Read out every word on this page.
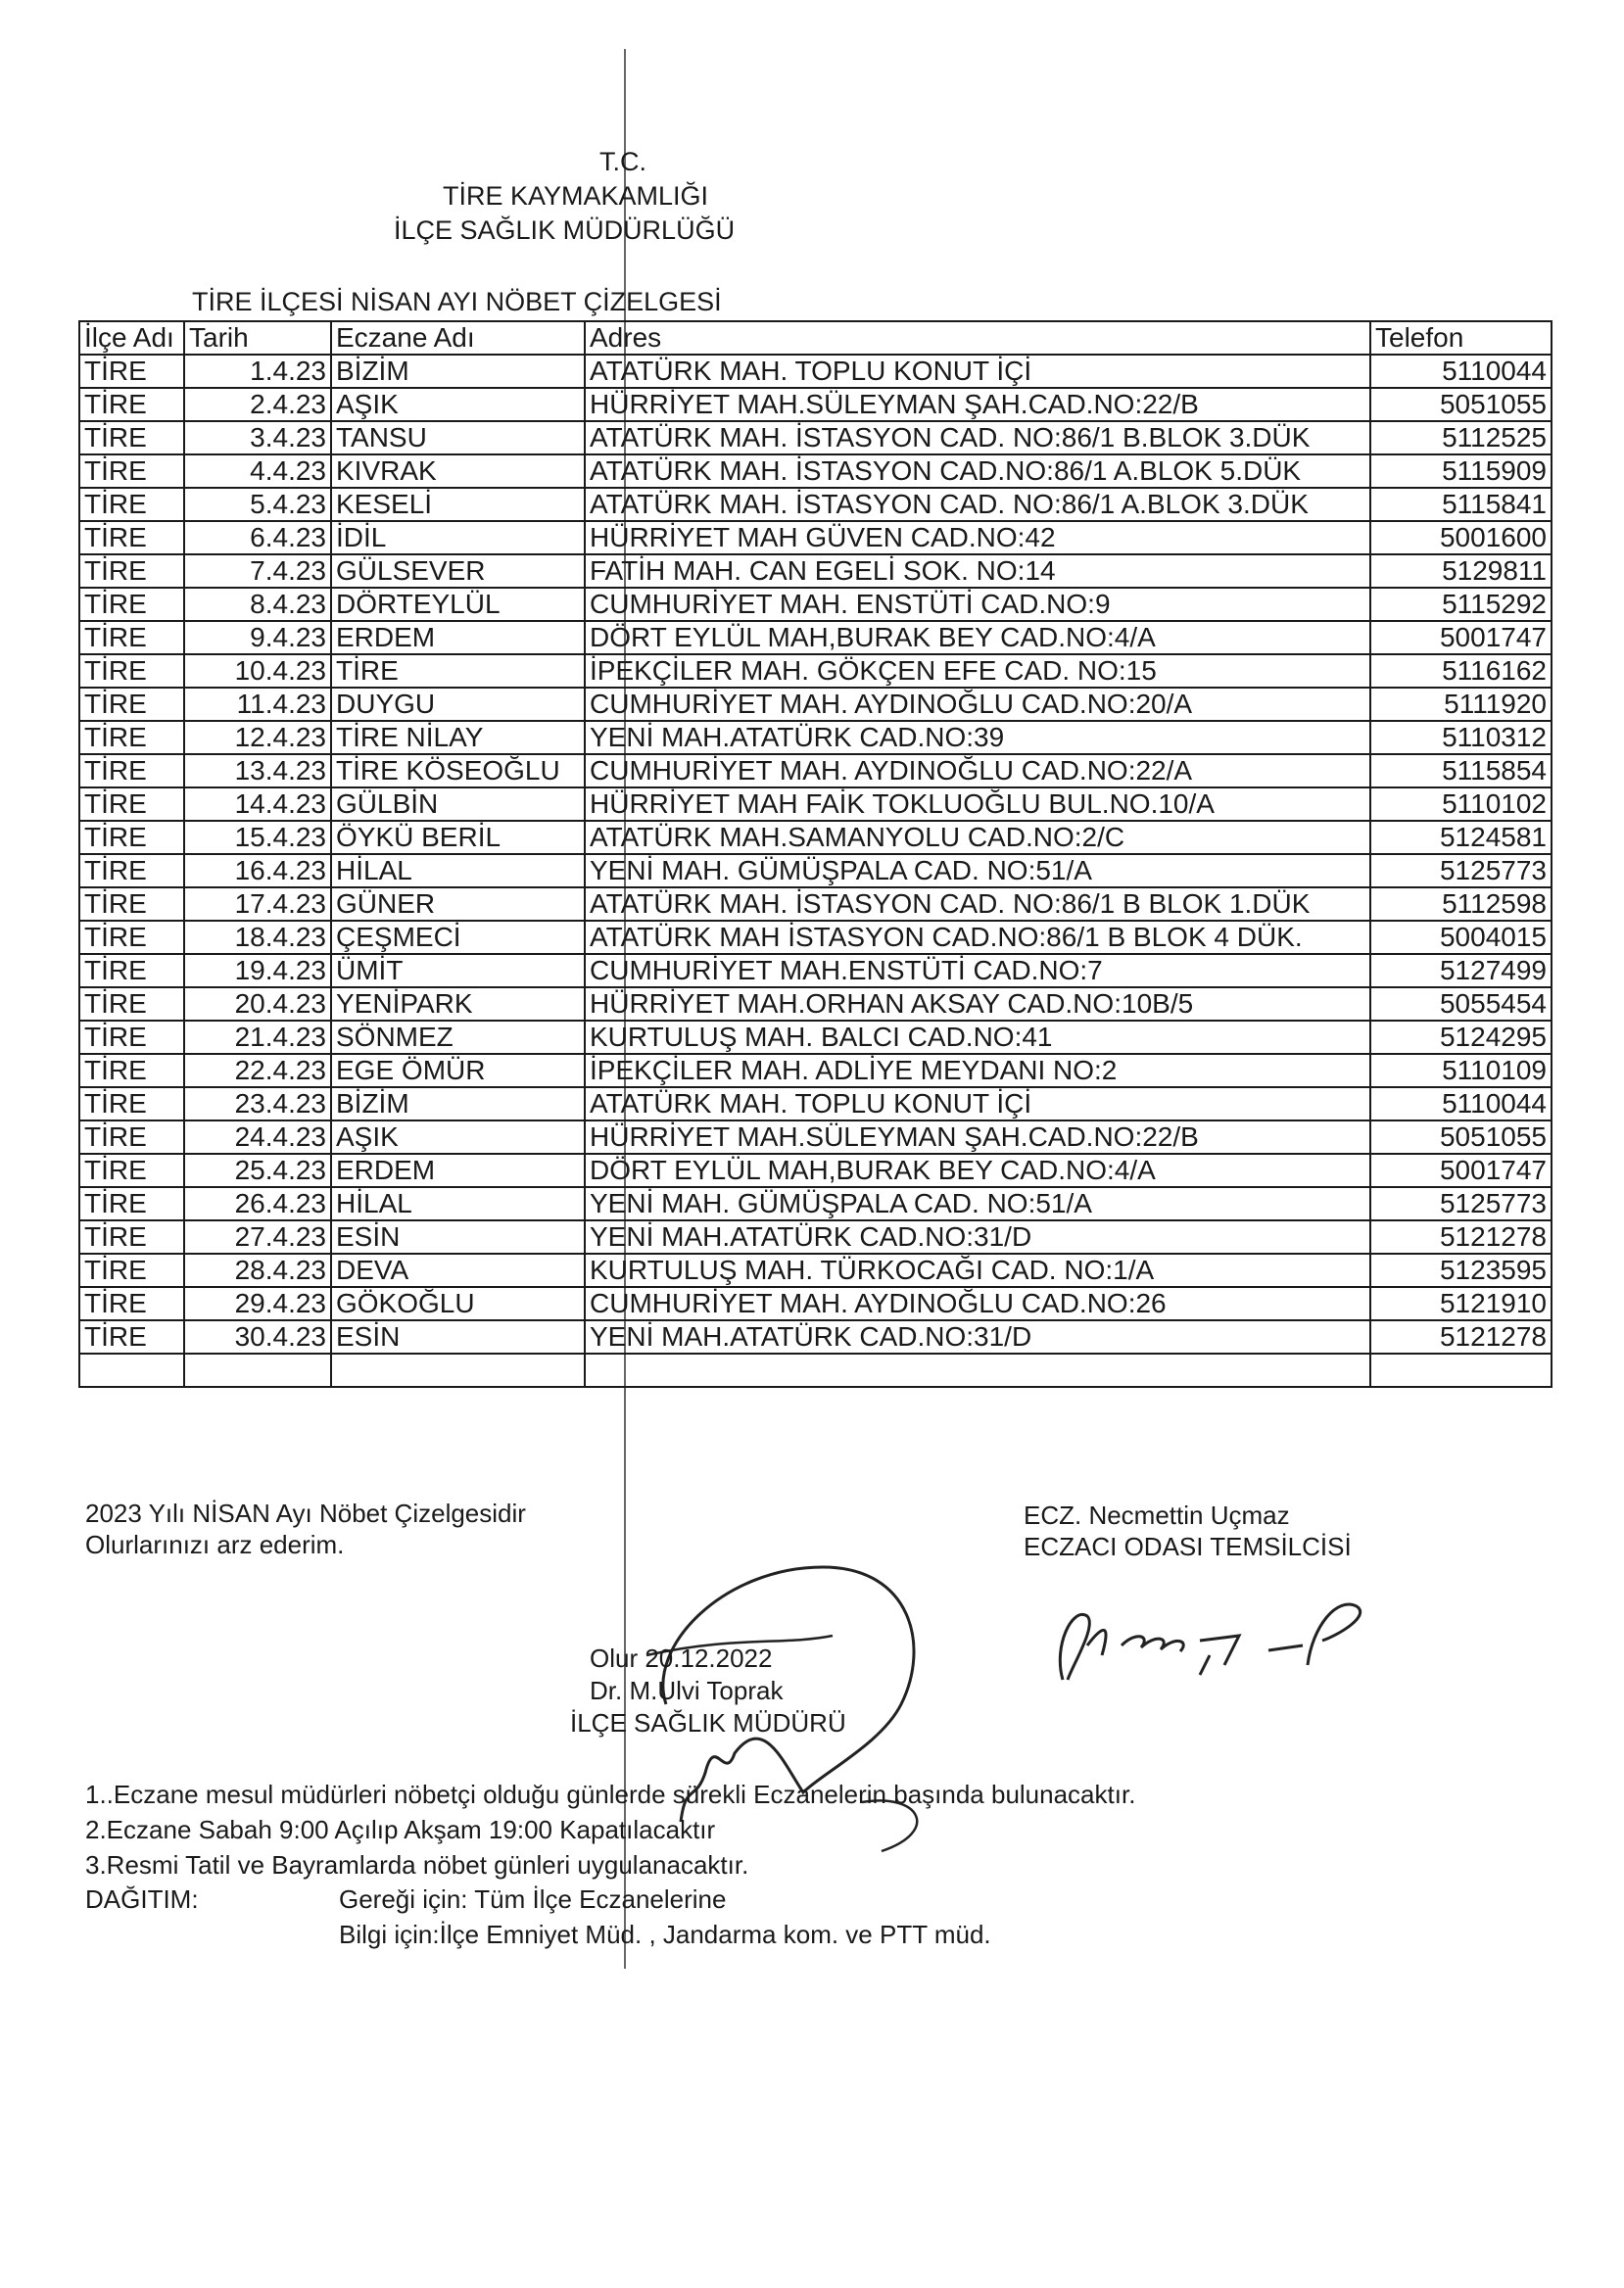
T.C.
TİRE KAYMAKAMLIĞI
İLÇE SAĞLIK MÜDÜRLÜĞÜ
TİRE İLÇESİ NİSAN AYI NÖBET ÇİZELGESİ
İlçe Adı	Tarih	Eczane Adı	Adres	Telefon
TİRE	1.4.23	BİZİM	ATATÜRK MAH. TOPLU KONUT İÇİ	5110044
TİRE	2.4.23	AŞIK	HÜRRİYET MAH.SÜLEYMAN ŞAH.CAD.NO:22/B	5051055
TİRE	3.4.23	TANSU	ATATÜRK MAH. İSTASYON CAD. NO:86/1 B.BLOK 3.DÜK	5112525
TİRE	4.4.23	KIVRAK	ATATÜRK MAH. İSTASYON CAD.NO:86/1 A.BLOK 5.DÜK	5115909
TİRE	5.4.23	KESELİ	ATATÜRK MAH. İSTASYON CAD. NO:86/1 A.BLOK 3.DÜK	5115841
TİRE	6.4.23	İDİL	HÜRRİYET MAH GÜVEN CAD.NO:42	5001600
TİRE	7.4.23	GÜLSEVER	FATİH MAH. CAN EGELİ SOK. NO:14	5129811
TİRE	8.4.23	DÖRTEYLÜL	CUMHURİYET MAH. ENSTÜTİ CAD.NO:9	5115292
TİRE	9.4.23	ERDEM	DÖRT EYLÜL MAH,BURAK BEY CAD.NO:4/A	5001747
TİRE	10.4.23	TİRE	İPEKÇİLER MAH. GÖKÇEN EFE CAD. NO:15	5116162
TİRE	11.4.23	DUYGU	CUMHURİYET MAH. AYDINOĞLU CAD.NO:20/A	5111920
TİRE	12.4.23	TİRE NİLAY	YENİ MAH.ATATÜRK CAD.NO:39	5110312
TİRE	13.4.23	TİRE KÖSEOĞLU	CUMHURİYET MAH. AYDINOĞLU CAD.NO:22/A	5115854
TİRE	14.4.23	GÜLBİN	HÜRRİYET MAH FAİK TOKLUOĞLU BUL.NO.10/A	5110102
TİRE	15.4.23	ÖYKÜ BERİL	ATATÜRK MAH.SAMANYOLU CAD.NO:2/C	5124581
TİRE	16.4.23	HİLAL	YENİ MAH. GÜMÜŞPALA CAD. NO:51/A	5125773
TİRE	17.4.23	GÜNER	ATATÜRK MAH. İSTASYON CAD. NO:86/1 B BLOK 1.DÜK	5112598
TİRE	18.4.23	ÇEŞMECİ	ATATÜRK MAH İSTASYON CAD.NO:86/1 B BLOK 4 DÜK.	5004015
TİRE	19.4.23	ÜMİT	CUMHURİYET MAH.ENSTÜTİ CAD.NO:7	5127499
TİRE	20.4.23	YENİPARK	HÜRRİYET MAH.ORHAN AKSAY CAD.NO:10B/5	5055454
TİRE	21.4.23	SÖNMEZ	KURTULUŞ MAH. BALCI CAD.NO:41	5124295
TİRE	22.4.23	EGE ÖMÜR	İPEKÇİLER MAH. ADLİYE MEYDANI NO:2	5110109
TİRE	23.4.23	BİZİM	ATATÜRK MAH. TOPLU KONUT İÇİ	5110044
TİRE	24.4.23	AŞIK	HÜRRİYET MAH.SÜLEYMAN ŞAH.CAD.NO:22/B	5051055
TİRE	25.4.23	ERDEM	DÖRT EYLÜL MAH,BURAK BEY CAD.NO:4/A	5001747
TİRE	26.4.23	HİLAL	YENİ MAH. GÜMÜŞPALA CAD. NO:51/A	5125773
TİRE	27.4.23	ESİN	YENİ MAH.ATATÜRK CAD.NO:31/D	5121278
TİRE	28.4.23	DEVA	KURTULUŞ MAH. TÜRKOCAĞI CAD. NO:1/A	5123595
TİRE	29.4.23	GÖKOĞLU	CUMHURİYET MAH. AYDINOĞLU CAD.NO:26	5121910
TİRE	30.4.23	ESİN	YENİ MAH.ATATÜRK CAD.NO:31/D	5121278

2023 Yılı NİSAN Ayı Nöbet Çizelgesidir
Olurlarınızı arz ederim.
ECZ. Necmettin Uçmaz
ECZACI ODASI TEMSİLCİSİ
Olur 20.12.2022
Dr. M.Ulvi Toprak
İLÇE SAĞLIK MÜDÜRÜ
1..Eczane mesul müdürleri nöbetçi olduğu günlerde sürekli Eczanelerin başında bulunacaktır.
2.Eczane Sabah 9:00 Açılıp Akşam 19:00 Kapatılacaktır
3.Resmi Tatil ve Bayramlarda nöbet günleri uygulanacaktır.
DAĞITIM:	Gereği için: Tüm İlçe Eczanelerine
Bilgi için:İlçe Emniyet Müd. , Jandarma kom. ve PTT müd.
